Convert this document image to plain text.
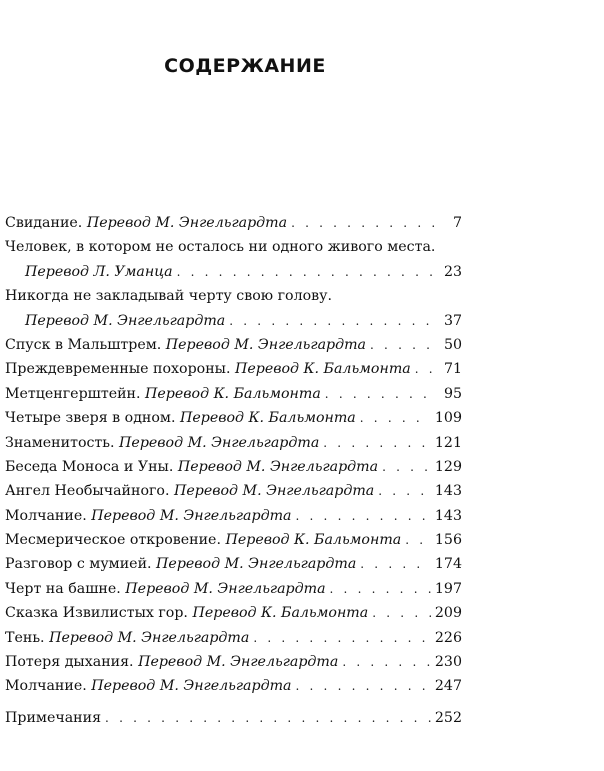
СОДЕРЖАНИЕ
Свидание.
Перевод М. Энгельгардта . . .	7
Человек, в котором не осталось ни одного живого места.
Перевод Л. Уманца . . .	23
Никогда не закладывай черту свою голову.
Перевод М. Энгельгардта . . .	37
Спуск в Мальштрем.
Перевод М. Энгельгардта . . .	50
Преждевременные похороны.
Перевод К. Бальмонта . . . 71
Метценгерштейн.
Перевод К. Бальмонта . . .	95
Четыре зверя в одном.
Перевод К. Бальмонта . . .	109
Знаменитость.
Перевод М. Энгельгардта . . .	121
Беседа Моноса и Уны.
Перевод М. Энгельгардта . . .	129
Ангел Необычайного.
Перевод М. Энгельгардта . . .	143
Молчание.
Перевод М. Энгельгардта . . .	143
Месмерическое откровение.
Перевод К. Бальмонта . . . 156
Разговор с мумией.
Перевод М. Энгельгардта . . .	174
Черт на башне.
Перевод М. Энгельгардта . . .	197
Сказка Извилистых гор.
Перевод К. Бальмонта . . .	209
Тень.
Перевод М. Энгельгардта . . .	226
Потеря дыхания.
Перевод М. Энгельгардта . . .	230
Молчание.
Перевод М. Энгельгардта . . .	247
Примечания . . .	252
